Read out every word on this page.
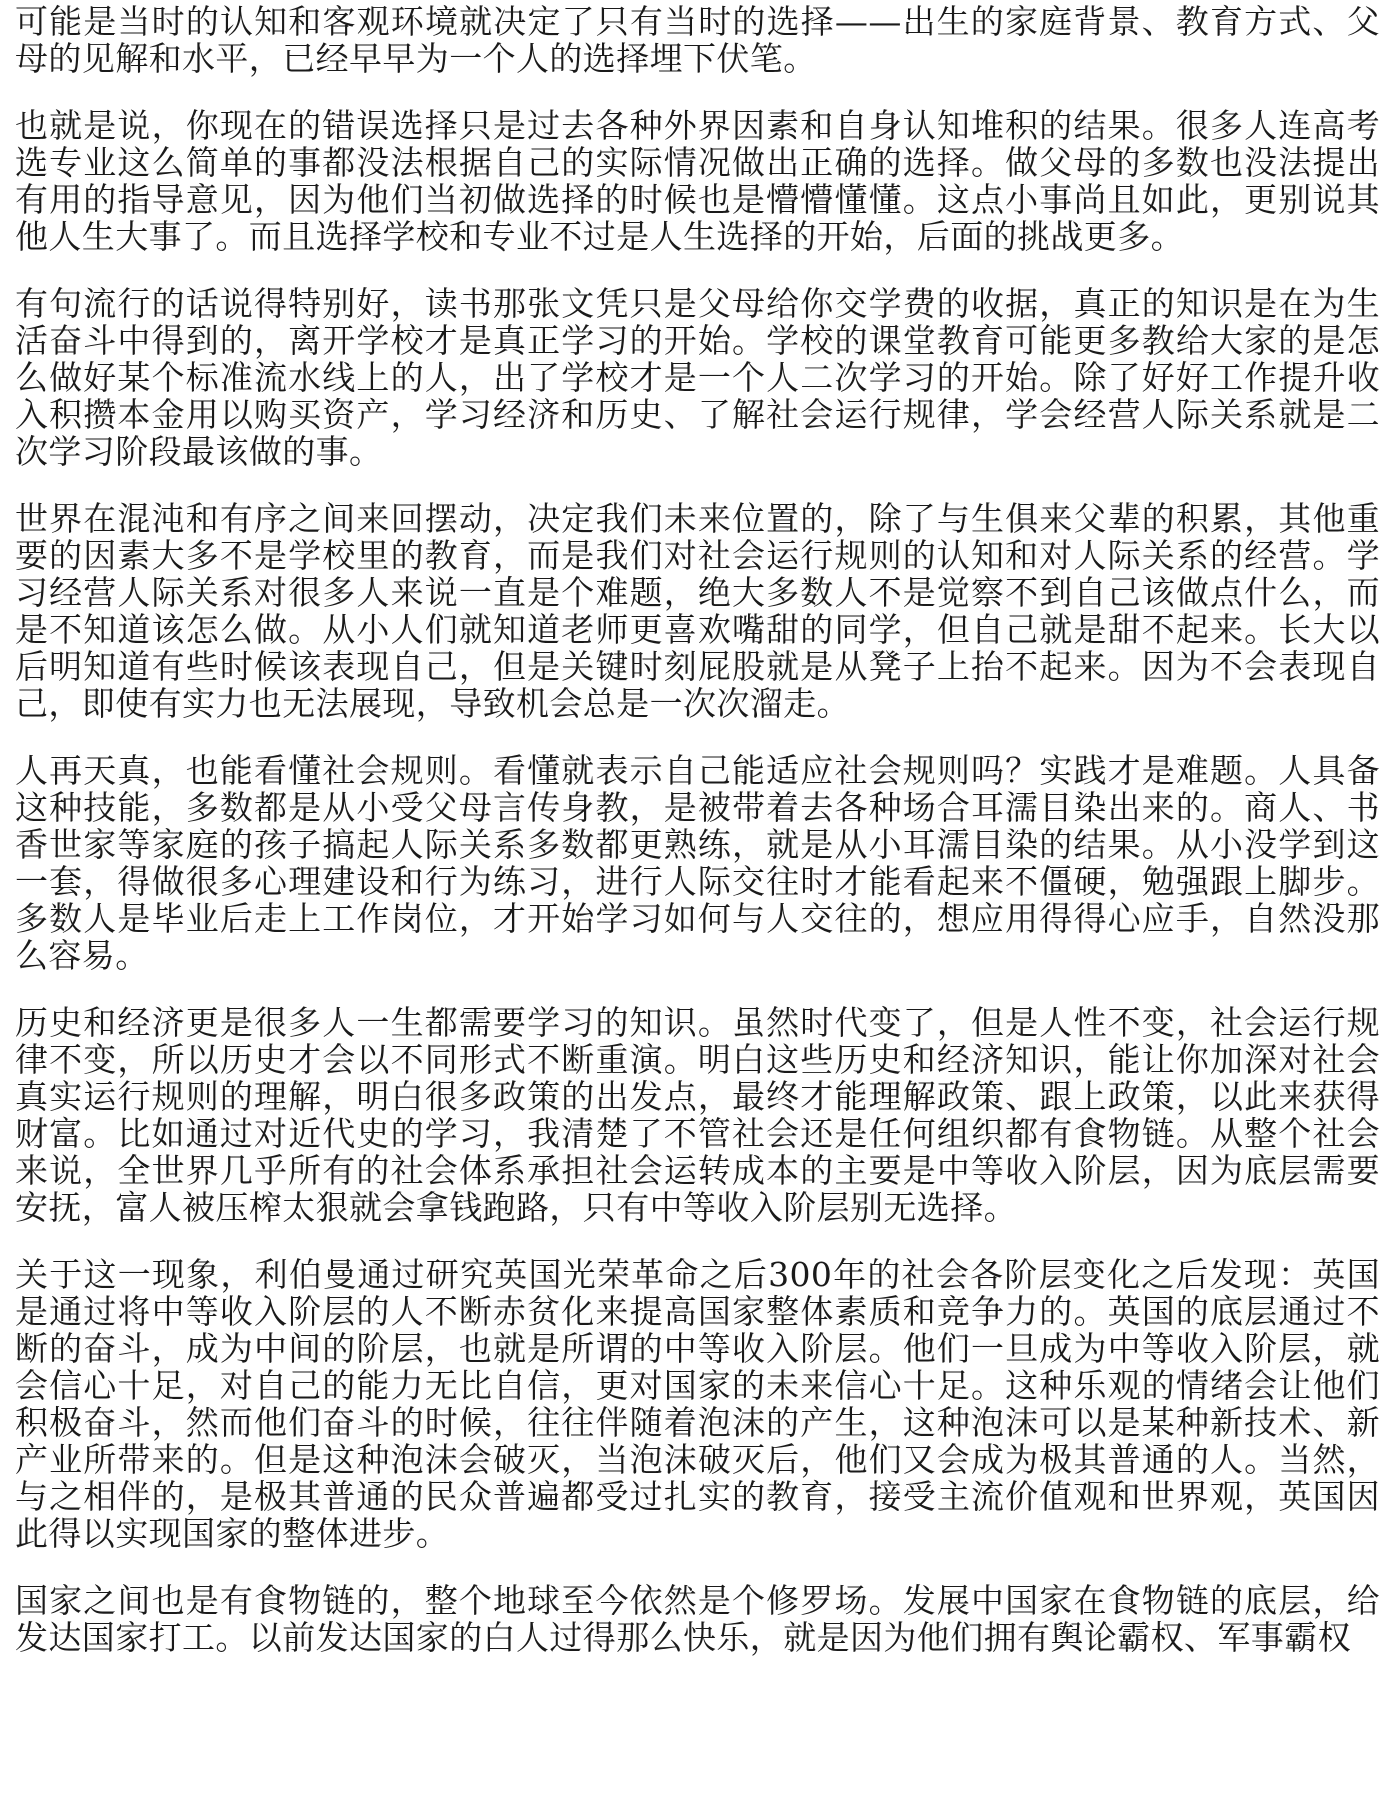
可能是当时的认知和客观环境就决定了只有当时的选择——出生的家庭背景、教育方式、父母的见解和水平，已经早早为一个人的选择埋下伏笔。

也就是说，你现在的错误选择只是过去各种外界因素和自身认知堆积的结果。很多人连高考选专业这么简单的事都没法根据自己的实际情况做出正确的选择。做父母的多数也没法提出有用的指导意见，因为他们当初做选择的时候也是懵懵懂懂。这点小事尚且如此，更别说其他人生大事了。而且选择学校和专业不过是人生选择的开始，后面的挑战更多。

有句流行的话说得特别好，读书那张文凭只是父母给你交学费的收据，真正的知识是在为生活奋斗中得到的，离开学校才是真正学习的开始。学校的课堂教育可能更多教给大家的是怎么做好某个标准流水线上的人，出了学校才是一个人二次学习的开始。除了好好工作提升收入积攒本金用以购买资产，学习经济和历史、了解社会运行规律，学会经营人际关系就是二次学习阶段最该做的事。

世界在混沌和有序之间来回摆动，决定我们未来位置的，除了与生俱来父辈的积累，其他重要的因素大多不是学校里的教育，而是我们对社会运行规则的认知和对人际关系的经营。学习经营人际关系对很多人来说一直是个难题，绝大多数人不是觉察不到自己该做点什么，而是不知道该怎么做。从小人们就知道老师更喜欢嘴甜的同学，但自己就是甜不起来。长大以后明知道有些时候该表现自己，但是关键时刻屁股就是从凳子上抬不起来。因为不会表现自己，即使有实力也无法展现，导致机会总是一次次溜走。

人再天真，也能看懂社会规则。看懂就表示自己能适应社会规则吗？实践才是难题。人具备这种技能，多数都是从小受父母言传身教，是被带着去各种场合耳濡目染出来的。商人、书香世家等家庭的孩子搞起人际关系多数都更熟练，就是从小耳濡目染的结果。从小没学到这一套，得做很多心理建设和行为练习，进行人际交往时才能看起来不僵硬，勉强跟上脚步。多数人是毕业后走上工作岗位，才开始学习如何与人交往的，想应用得得心应手，自然没那么容易。

历史和经济更是很多人一生都需要学习的知识。虽然时代变了，但是人性不变，社会运行规律不变，所以历史才会以不同形式不断重演。明白这些历史和经济知识，能让你加深对社会真实运行规则的理解，明白很多政策的出发点，最终才能理解政策、跟上政策，以此来获得财富。比如通过对近代史的学习，我清楚了不管社会还是任何组织都有食物链。从整个社会来说，全世界几乎所有的社会体系承担社会运转成本的主要是中等收入阶层，因为底层需要安抚，富人被压榨太狠就会拿钱跑路，只有中等收入阶层别无选择。

关于这一现象，利伯曼通过研究英国光荣革命之后300年的社会各阶层变化之后发现：英国是通过将中等收入阶层的人不断赤贫化来提高国家整体素质和竞争力的。英国的底层通过不断的奋斗，成为中间的阶层，也就是所谓的中等收入阶层。他们一旦成为中等收入阶层，就会信心十足，对自己的能力无比自信，更对国家的未来信心十足。这种乐观的情绪会让他们积极奋斗，然而他们奋斗的时候，往往伴随着泡沫的产生，这种泡沫可以是某种新技术、新产业所带来的。但是这种泡沫会破灭，当泡沫破灭后，他们又会成为极其普通的人。当然，与之相伴的，是极其普通的民众普遍都受过扎实的教育，接受主流价值观和世界观，英国因此得以实现国家的整体进步。

国家之间也是有食物链的，整个地球至今依然是个修罗场。发展中国家在食物链的底层，给发达国家打工。以前发达国家的白人过得那么快乐，就是因为他们拥有舆论霸权、军事霸权
